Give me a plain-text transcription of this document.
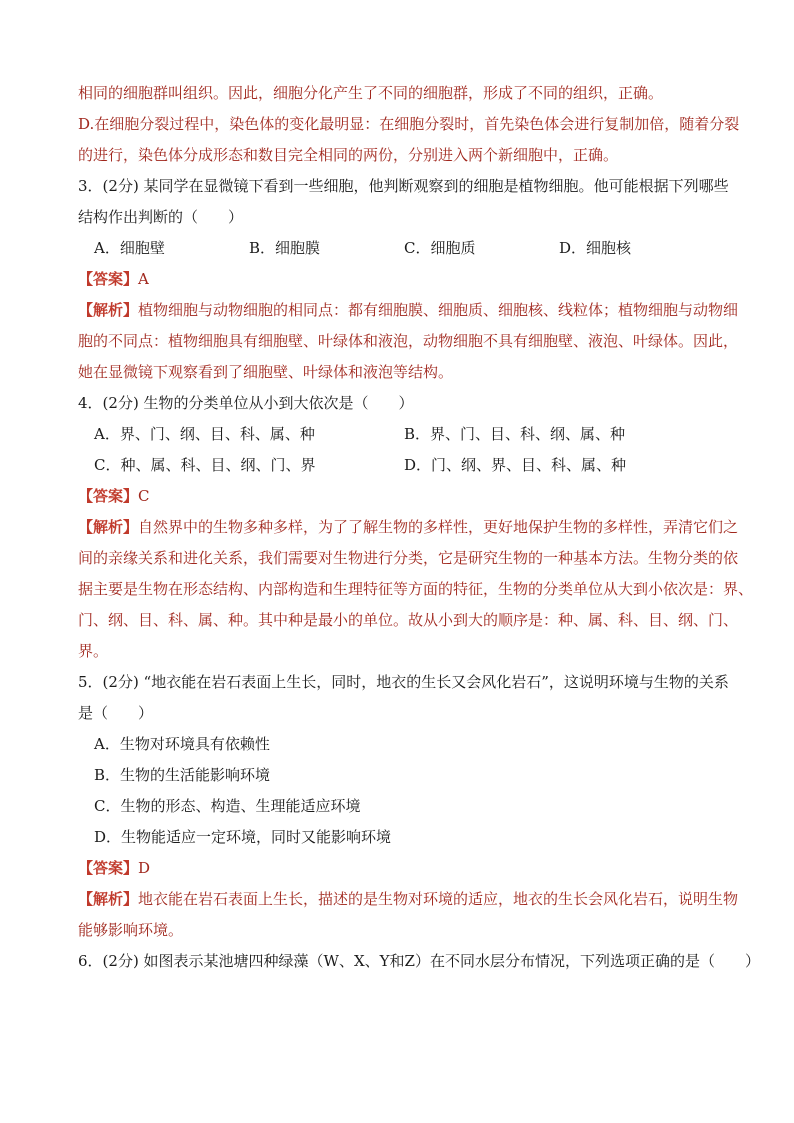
相同的细胞群叫组织。因此，细胞分化产生了不同的细胞群，形成了不同的组织，正确。
D.在细胞分裂过程中，染色体的变化最明显：在细胞分裂时，首先染色体会进行复制加倍，随着分裂
的进行，染色体分成形态和数目完全相同的两份，分别进入两个新细胞中，正确。
3．(2分) 某同学在显微镜下看到一些细胞，他判断观察到的细胞是植物细胞。他可能根据下列哪些
结构作出判断的（　　）
A．细胞壁	B．细胞膜	C．细胞质	D．细胞核
【答案】A
【解析】植物细胞与动物细胞的相同点：都有细胞膜、细胞质、细胞核、线粒体；植物细胞与动物细
胞的不同点：植物细胞具有细胞壁、叶绿体和液泡，动物细胞不具有细胞壁、液泡、叶绿体。因此，
她在显微镜下观察看到了细胞壁、叶绿体和液泡等结构。
4．(2分) 生物的分类单位从小到大依次是（　　）
A．界、门、纲、目、科、属、种	B．界、门、目、科、纲、属、种
C．种、属、科、目、纲、门、界	D．门、纲、界、目、科、属、种
【答案】C
【解析】自然界中的生物多种多样，为了了解生物的多样性，更好地保护生物的多样性，弄清它们之
间的亲缘关系和进化关系，我们需要对生物进行分类，它是研究生物的一种基本方法。生物分类的依
据主要是生物在形态结构、内部构造和生理特征等方面的特征，生物的分类单位从大到小依次是：界、
门、纲、目、科、属、种。其中种是最小的单位。故从小到大的顺序是：种、属、科、目、纲、门、
界。
5．(2分) “地衣能在岩石表面上生长，同时，地衣的生长又会风化岩石”，这说明环境与生物的关系
是（　　）
A．生物对环境具有依赖性
B．生物的生活能影响环境
C．生物的形态、构造、生理能适应环境
D．生物能适应一定环境，同时又能影响环境
【答案】D
【解析】地衣能在岩石表面上生长，描述的是生物对环境的适应，地衣的生长会风化岩石，说明生物
能够影响环境。
6．(2分) 如图表示某池塘四种绿藻（W、X、Y和Z）在不同水层分布情况，下列选项正确的是（　　）
